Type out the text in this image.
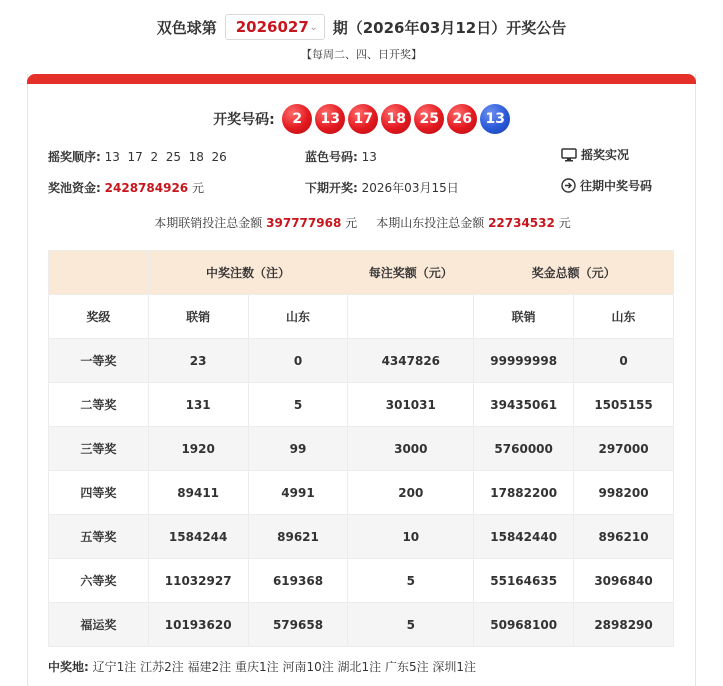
双色球第 2026027 ⌄ 期（2026年03月12日）开奖公告
【每周二、四、日开奖】
开奖号码:	2	13 17 18 25 26 13
摇奖顺序: 13  17  2  25  18  26	蓝色号码: 13	摇奖实况
奖池资金: 2428784926 元	下期开奖: 2026年03月15日	往期中奖号码
本期联销投注总金额 397777968 元 本期山东投注总金额 22734532 元
	中奖注数（注）		每注奖额（元）	奖金总额（元）	
奖级	联销	山东		联销	山东
一等奖	23	0	4347826	99999998	0
二等奖	131	5	301031	39435061	1505155
三等奖	1920	99	3000	5760000	297000
四等奖	89411	4991	200	17882200	998200
五等奖	1584244	89621	10	15842440	896210
六等奖	11032927	619368	5	55164635	3096840
福运奖	10193620	579658	5	50968100	2898290
中奖地: 辽宁1注 江苏2注 福建2注 重庆1注 河南10注 湖北1注 广东5注 深圳1注
